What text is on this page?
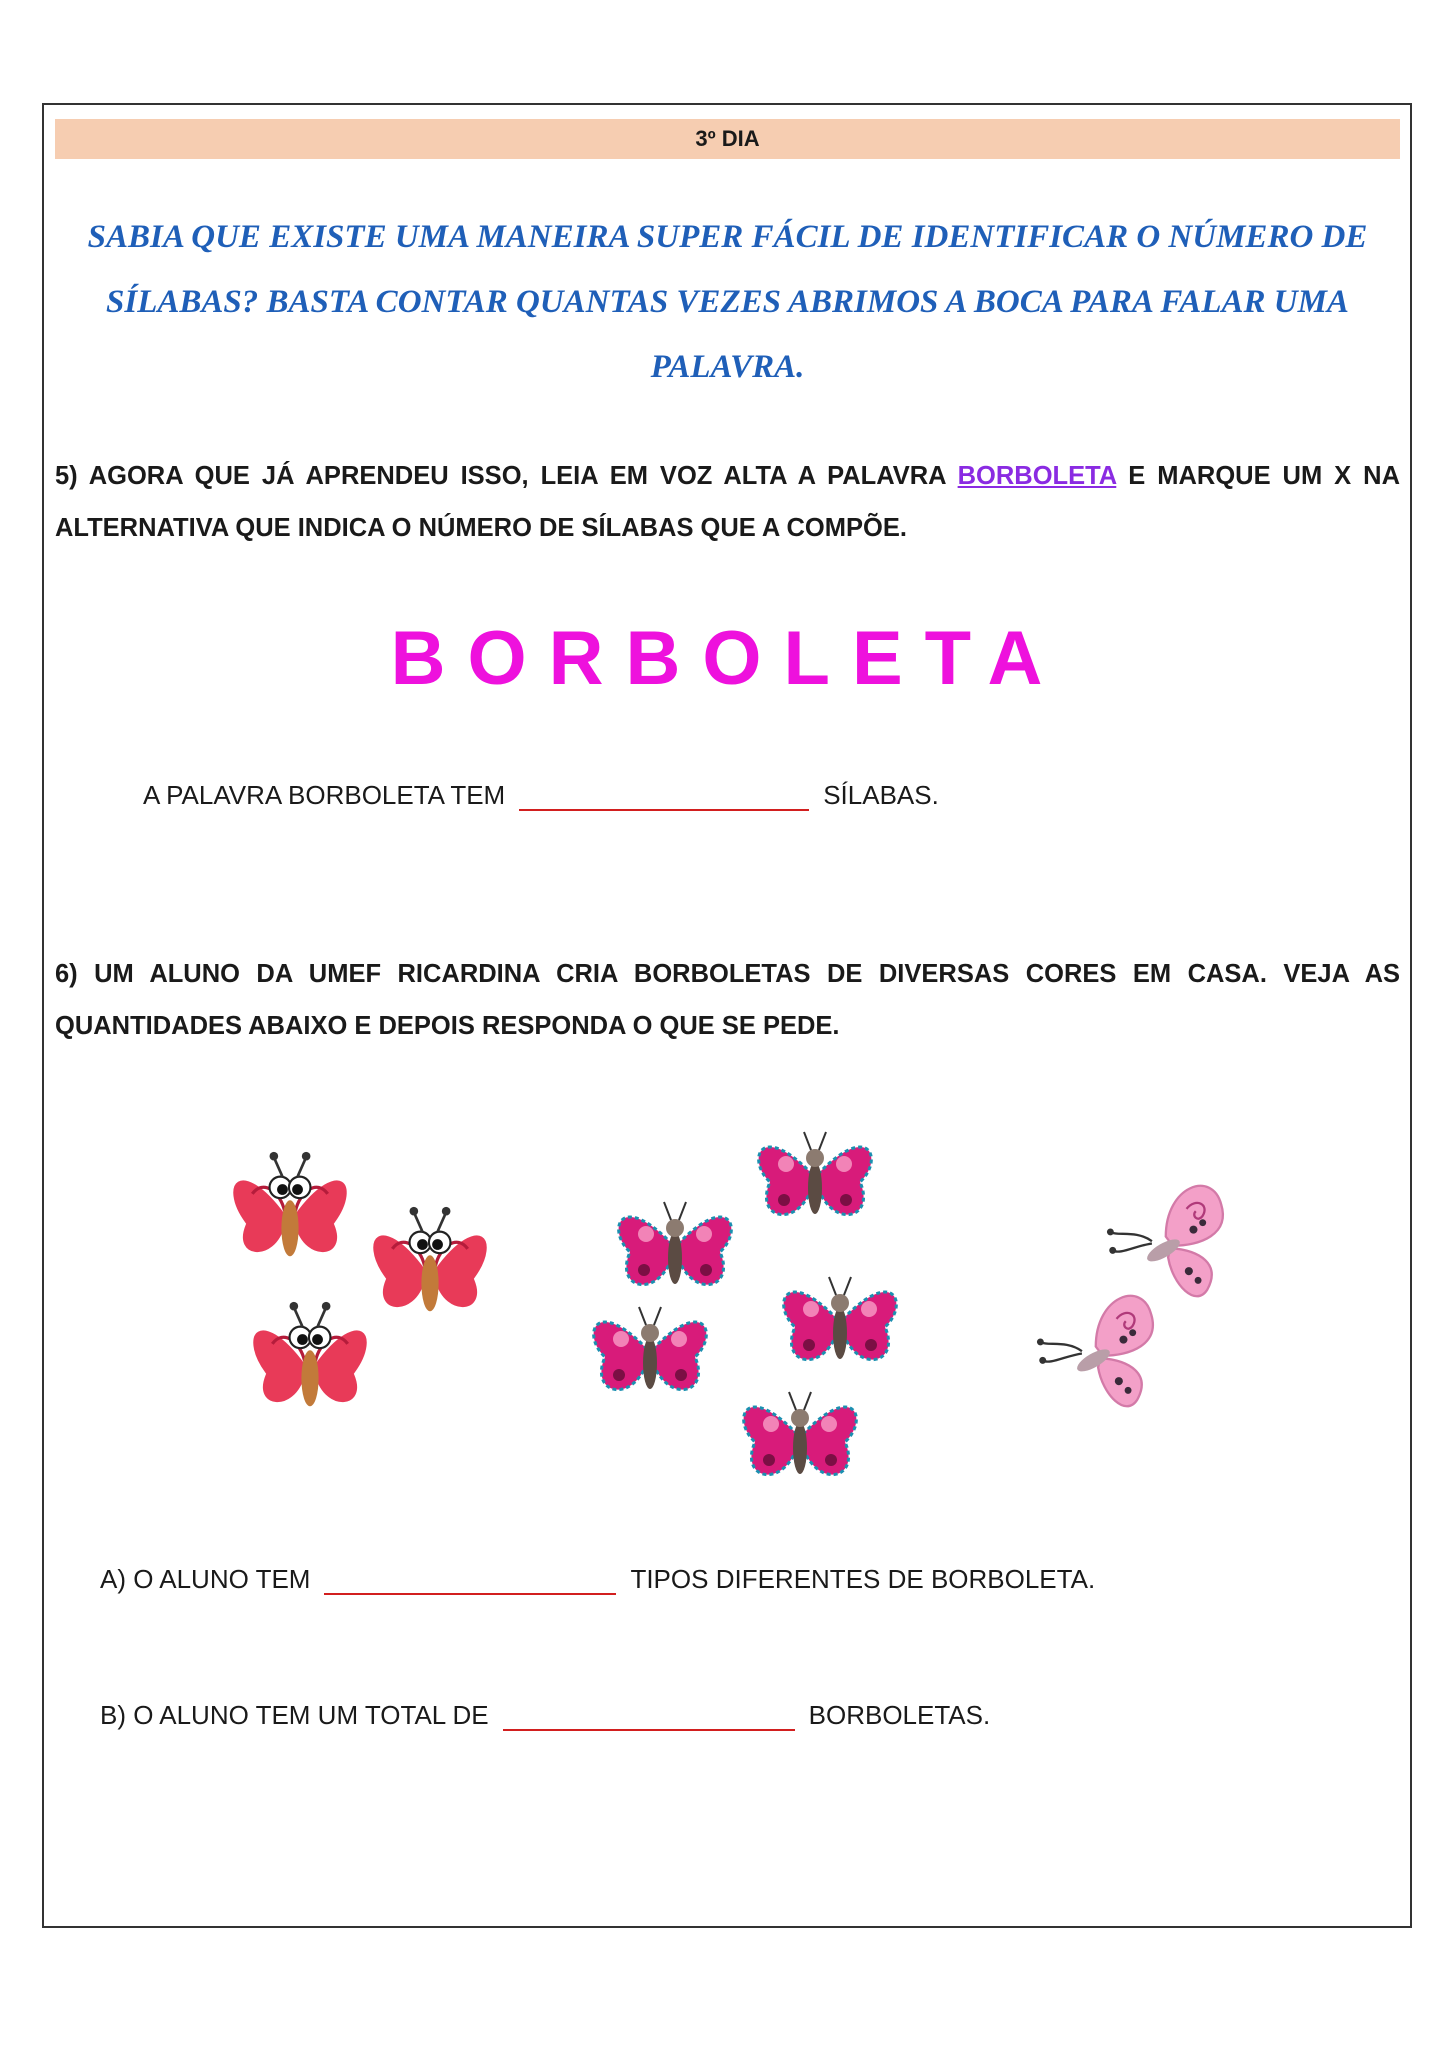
3º DIA
SABIA QUE EXISTE UMA MANEIRA SUPER FÁCIL DE IDENTIFICAR O NÚMERO DE SÍLABAS? BASTA CONTAR QUANTAS VEZES ABRIMOS A BOCA PARA FALAR UMA PALAVRA.
5) AGORA QUE JÁ APRENDEU ISSO, LEIA EM VOZ ALTA A PALAVRA BORBOLETA E MARQUE UM X NA ALTERNATIVA QUE INDICA O NÚMERO DE SÍLABAS QUE A COMPÕE.
BORBOLETA
A PALAVRA BORBOLETA TEM	SÍLABAS.
6) UM ALUNO DA UMEF RICARDINA CRIA BORBOLETAS DE DIVERSAS CORES EM CASA. VEJA AS QUANTIDADES ABAIXO E DEPOIS RESPONDA O QUE SE PEDE.
A) O ALUNO TEM	TIPOS DIFERENTES DE BORBOLETA.
B) O ALUNO TEM UM TOTAL DE	BORBOLETAS.
